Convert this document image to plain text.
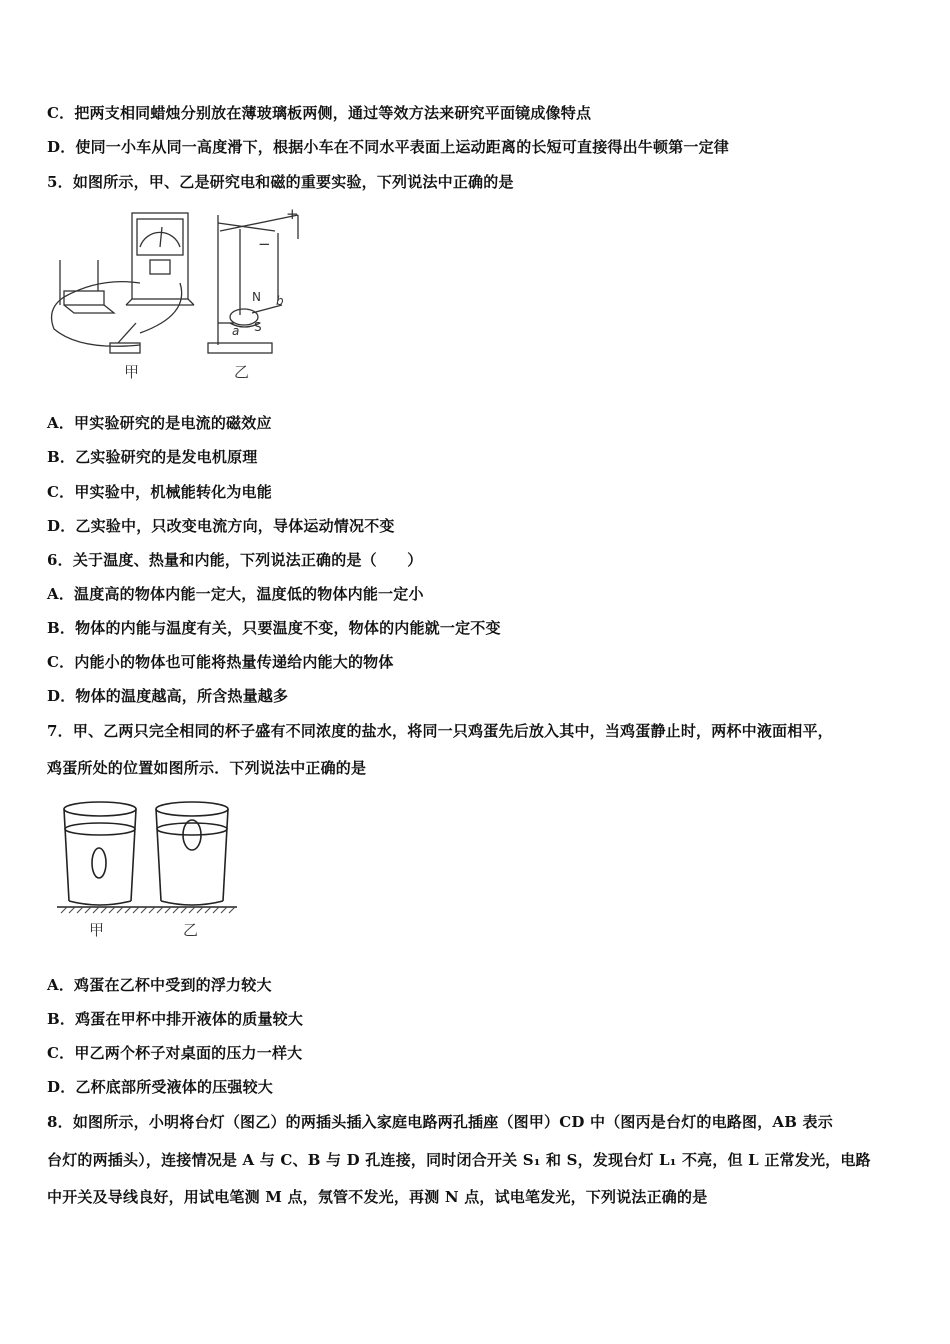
C．把两支相同蜡烛分别放在薄玻璃板两侧，通过等效方法来研究平面镜成像特点
D．使同一小车从同一高度滑下，根据小车在不同水平表面上运动距离的长短可直接得出牛顿第一定律
5．如图所示，甲、乙是研究电和磁的重要实验，下列说法中正确的是
甲	乙
+
−
N
S
a
b
A．甲实验研究的是电流的磁效应
B．乙实验研究的是发电机原理
C．甲实验中，机械能转化为电能
D．乙实验中，只改变电流方向，导体运动情况不变
6．关于温度、热量和内能，下列说法正确的是（　　）
A．温度高的物体内能一定大，温度低的物体内能一定小
B．物体的内能与温度有关，只要温度不变，物体的内能就一定不变
C．内能小的物体也可能将热量传递给内能大的物体
D．物体的温度越高，所含热量越多
7．甲、乙两只完全相同的杯子盛有不同浓度的盐水，将同一只鸡蛋先后放入其中，当鸡蛋静止时，两杯中液面相平，
鸡蛋所处的位置如图所示．下列说法中正确的是
甲	乙
A．鸡蛋在乙杯中受到的浮力较大
B．鸡蛋在甲杯中排开液体的质量较大
C．甲乙两个杯子对桌面的压力一样大
D．乙杯底部所受液体的压强较大
8．如图所示，小明将台灯（图乙）的两插头插入家庭电路两孔插座（图甲）CD 中（图丙是台灯的电路图，AB 表示
台灯的两插头），连接情况是 A 与 C、B 与 D 孔连接，同时闭合开关 S₁ 和 S，发现台灯 L₁ 不亮，但 L 正常发光，电路
中开关及导线良好，用试电笔测 M 点，氖管不发光，再测 N 点，试电笔发光，下列说法正确的是
